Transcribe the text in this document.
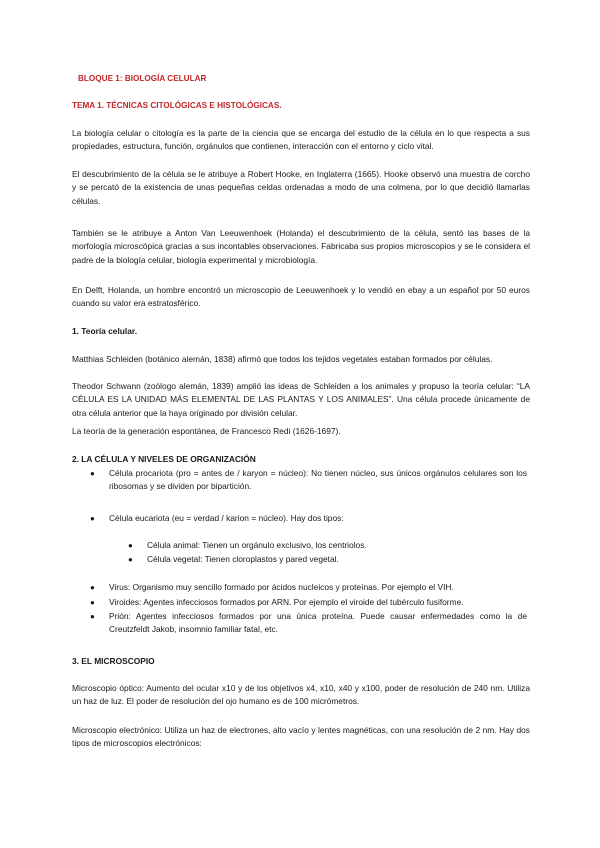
BLOQUE 1: BIOLOGÍA CELULAR
TEMA 1. TÉCNICAS CITOLÓGICAS E HISTOLÓGICAS.

La biología celular o citología es la parte de la ciencia que se encarga del estudio de la célula en lo que respecta a sus propiedades, estructura, función, orgánulos que contienen, interacción con el entorno y ciclo vital.

El descubrimiento de la célula se le atribuye a Robert Hooke, en Inglaterra (1665). Hooke observó una muestra de corcho y se percató de la existencia de unas pequeñas celdas ordenadas a modo de una colmena, por lo que decidió llamarlas células.

También se le atribuye a Anton Van Leeuwenhoek (Holanda) el descubrimiento de la célula, sentó las bases de la morfología microscópica gracias a sus incontables observaciones. Fabricaba sus propios microscopios y se le considera el padre de la biología celular, biología experimental y microbiología.

En Delft, Holanda, un hombre encontró un microscopio de Leeuwenhoek y lo vendió en ebay a un español por 50 euros cuando su valor era estratosférico.

1. Teoría celular.

Matthias Schleiden (botánico alemán, 1838) afirmó que todos los tejidos vegetales estaban formados por células.

Theodor Schwann (zoólogo alemán, 1839) amplió las ideas de Schleiden a los animales y propuso la teoría celular: “LA CÉLULA ES LA UNIDAD MÁS ELEMENTAL DE LAS PLANTAS Y LOS ANIMALES”. Una célula procede únicamente de otra célula anterior que la haya originado por división celular.

La teoría de la generación espontánea, de Francesco Redi (1626-1697).

2. LA CÉLULA Y NIVELES DE ORGANIZACIÓN
● Célula procariota (pro = antes de / karyon = núcleo): No tienen núcleo, sus únicos orgánulos celulares son los ribosomas y se dividen por bipartición.
● Célula eucariota (eu = verdad / karion = núcleo). Hay dos tipos:
● Célula animal: Tienen un orgánulo exclusivo, los centriolos.
● Célula vegetal: Tienen cloroplastos y pared vegetal.
● Virus: Organismo muy sencillo formado por ácidos nucleicos y proteínas. Por ejemplo el VIH.
● Viroides: Agentes infecciosos formados por ARN. Por ejemplo el viroide del tubérculo fusiforme.
● Prión: Agentes infecciosos formados por una única proteína. Puede causar enfermedades como la de Creutzfeldt Jakob, insomnio familiar fatal, etc.
3. EL MICROSCOPIO

Microscopio óptico: Aumento del ocular x10 y de los objetivos x4, x10, x40 y x100, poder de resolución de 240 nm. Utiliza un haz de luz. El poder de resolución del ojo humano es de 100 micrómetros.

Microscopio electrónico: Utiliza un haz de electrones, alto vacío y lentes magnéticas, con una resolución de 2 nm. Hay dos tipos de microscopios electrónicos:
